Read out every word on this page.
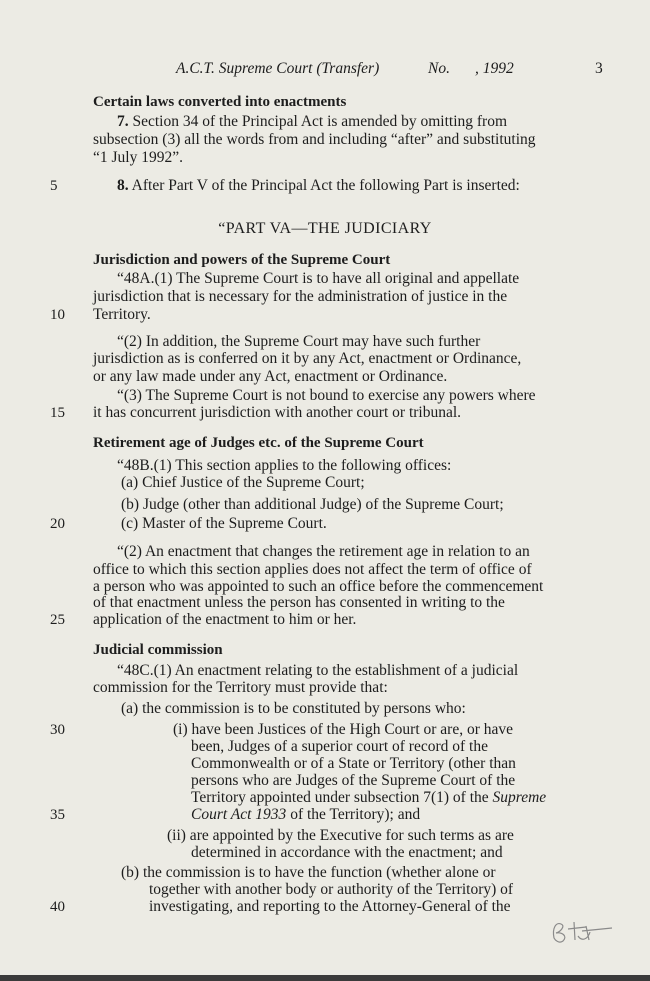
A.C.T. Supreme Court (Transfer)	No. , 1992	3
5
10
15
20
25
30
35
40
Certain laws converted into enactments
7. Section 34 of the Principal Act is amended by omitting from
subsection (3) all the words from and including “after” and substituting
“1 July 1992”.
8. After Part V of the Principal Act the following Part is inserted:
“PART VA—THE JUDICIARY
Jurisdiction and powers of the Supreme Court
“48A.(1) The Supreme Court is to have all original and appellate
jurisdiction that is necessary for the administration of justice in the
Territory.
“(2) In addition, the Supreme Court may have such further
jurisdiction as is conferred on it by any Act, enactment or Ordinance,
or any law made under any Act, enactment or Ordinance.
“(3) The Supreme Court is not bound to exercise any powers where
it has concurrent jurisdiction with another court or tribunal.
Retirement age of Judges etc. of the Supreme Court
“48B.(1) This section applies to the following offices:
(a) Chief Justice of the Supreme Court;
(b) Judge (other than additional Judge) of the Supreme Court;
(c) Master of the Supreme Court.
“(2) An enactment that changes the retirement age in relation to an
office to which this section applies does not affect the term of office of
a person who was appointed to such an office before the commencement
of that enactment unless the person has consented in writing to the
application of the enactment to him or her.
Judicial commission
“48C.(1) An enactment relating to the establishment of a judicial
commission for the Territory must provide that:
(a) the commission is to be constituted by persons who:
(i) have been Justices of the High Court or are, or have
been, Judges of a superior court of record of the
Commonwealth or of a State or Territory (other than
persons who are Judges of the Supreme Court of the
Territory appointed under subsection 7(1) of the Supreme
Court Act 1933 of the Territory); and
(ii) are appointed by the Executive for such terms as are
determined in accordance with the enactment; and
(b) the commission is to have the function (whether alone or
together with another body or authority of the Territory) of
investigating, and reporting to the Attorney-General of the
